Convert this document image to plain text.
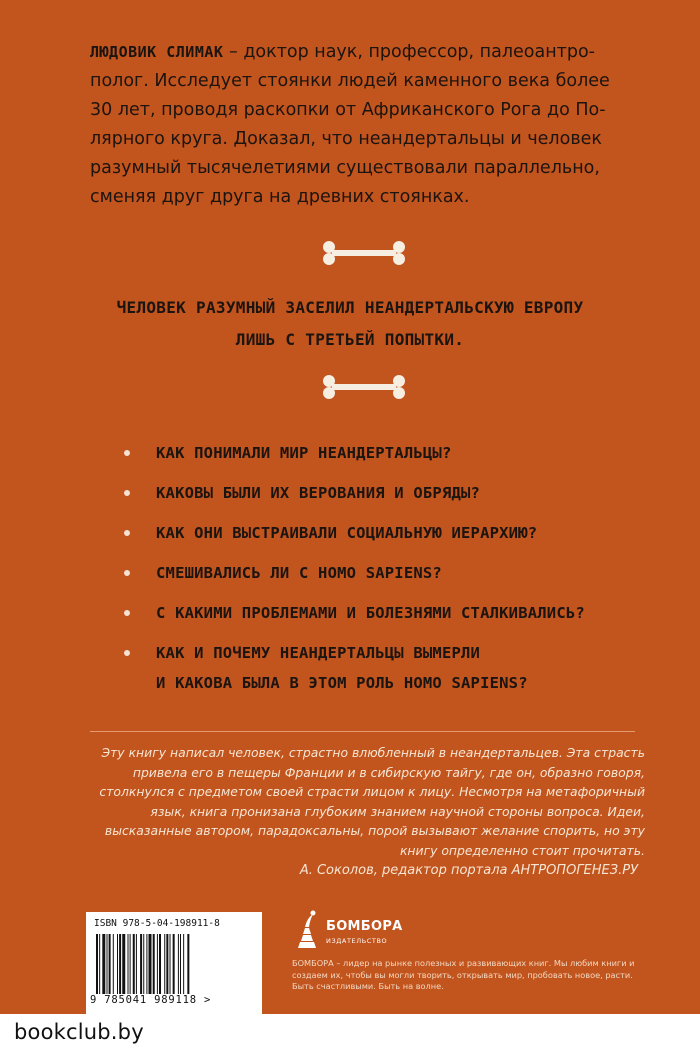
ЛЮДОВИК СЛИМАК – доктор наук, профессор, палеоантрополог. Исследует стоянки людей каменного века более 30 лет, проводя раскопки от Африканского Рога до Полярного круга. Доказал, что неандертальцы и человек разумный тысячелетиями существовали параллельно, сменяя друг друга на древних стоянках.

ЧЕЛОВЕК РАЗУМНЫЙ ЗАСЕЛИЛ НЕАНДЕРТАЛЬСКУЮ ЕВРОПУ
ЛИШЬ С ТРЕТЬЕЙ ПОПЫТКИ.
КАК ПОНИМАЛИ МИР НЕАНДЕРТАЛЬЦЫ?
КАКОВЫ БЫЛИ ИХ ВЕРОВАНИЯ И ОБРЯДЫ?
КАК ОНИ ВЫСТРАИВАЛИ СОЦИАЛЬНУЮ ИЕРАРХИЮ?
СМЕШИВАЛИСЬ ЛИ С HOMO SAPIENS?
С КАКИМИ ПРОБЛЕМАМИ И БОЛЕЗНЯМИ СТАЛКИВАЛИСЬ?
КАК И ПОЧЕМУ НЕАНДЕРТАЛЬЦЫ ВЫМЕРЛИ
И КАКОВА БЫЛА В ЭТОМ РОЛЬ HOMO SAPIENS?

Эту книгу написал человек, страстно влюбленный в неандертальцев. Эта страсть привела его в пещеры Франции и в сибирскую тайгу, где он, образно говоря, столкнулся с предметом своей страсти лицом к лицу. Несмотря на метафоричный язык, книга пронизана глубоким знанием научной стороны вопроса. Идеи, высказанные автором, парадоксальны, порой вызывают желание спорить, но эту книгу определенно стоит прочитать.

А. Соколов, редактор портала АНТРОПОГЕНЕЗ.РУ

ISBN 978-5-04-198911-8
9 785041 989118 >
БОМБОРА
ИЗДАТЕЛЬСТВО

БОМБОРА – лидер на рынке полезных и развивающих книг. Мы любим книги и создаем их, чтобы вы могли творить, открывать мир, пробовать новое, расти. Быть счастливыми. Быть на волне.

bookclub.by
